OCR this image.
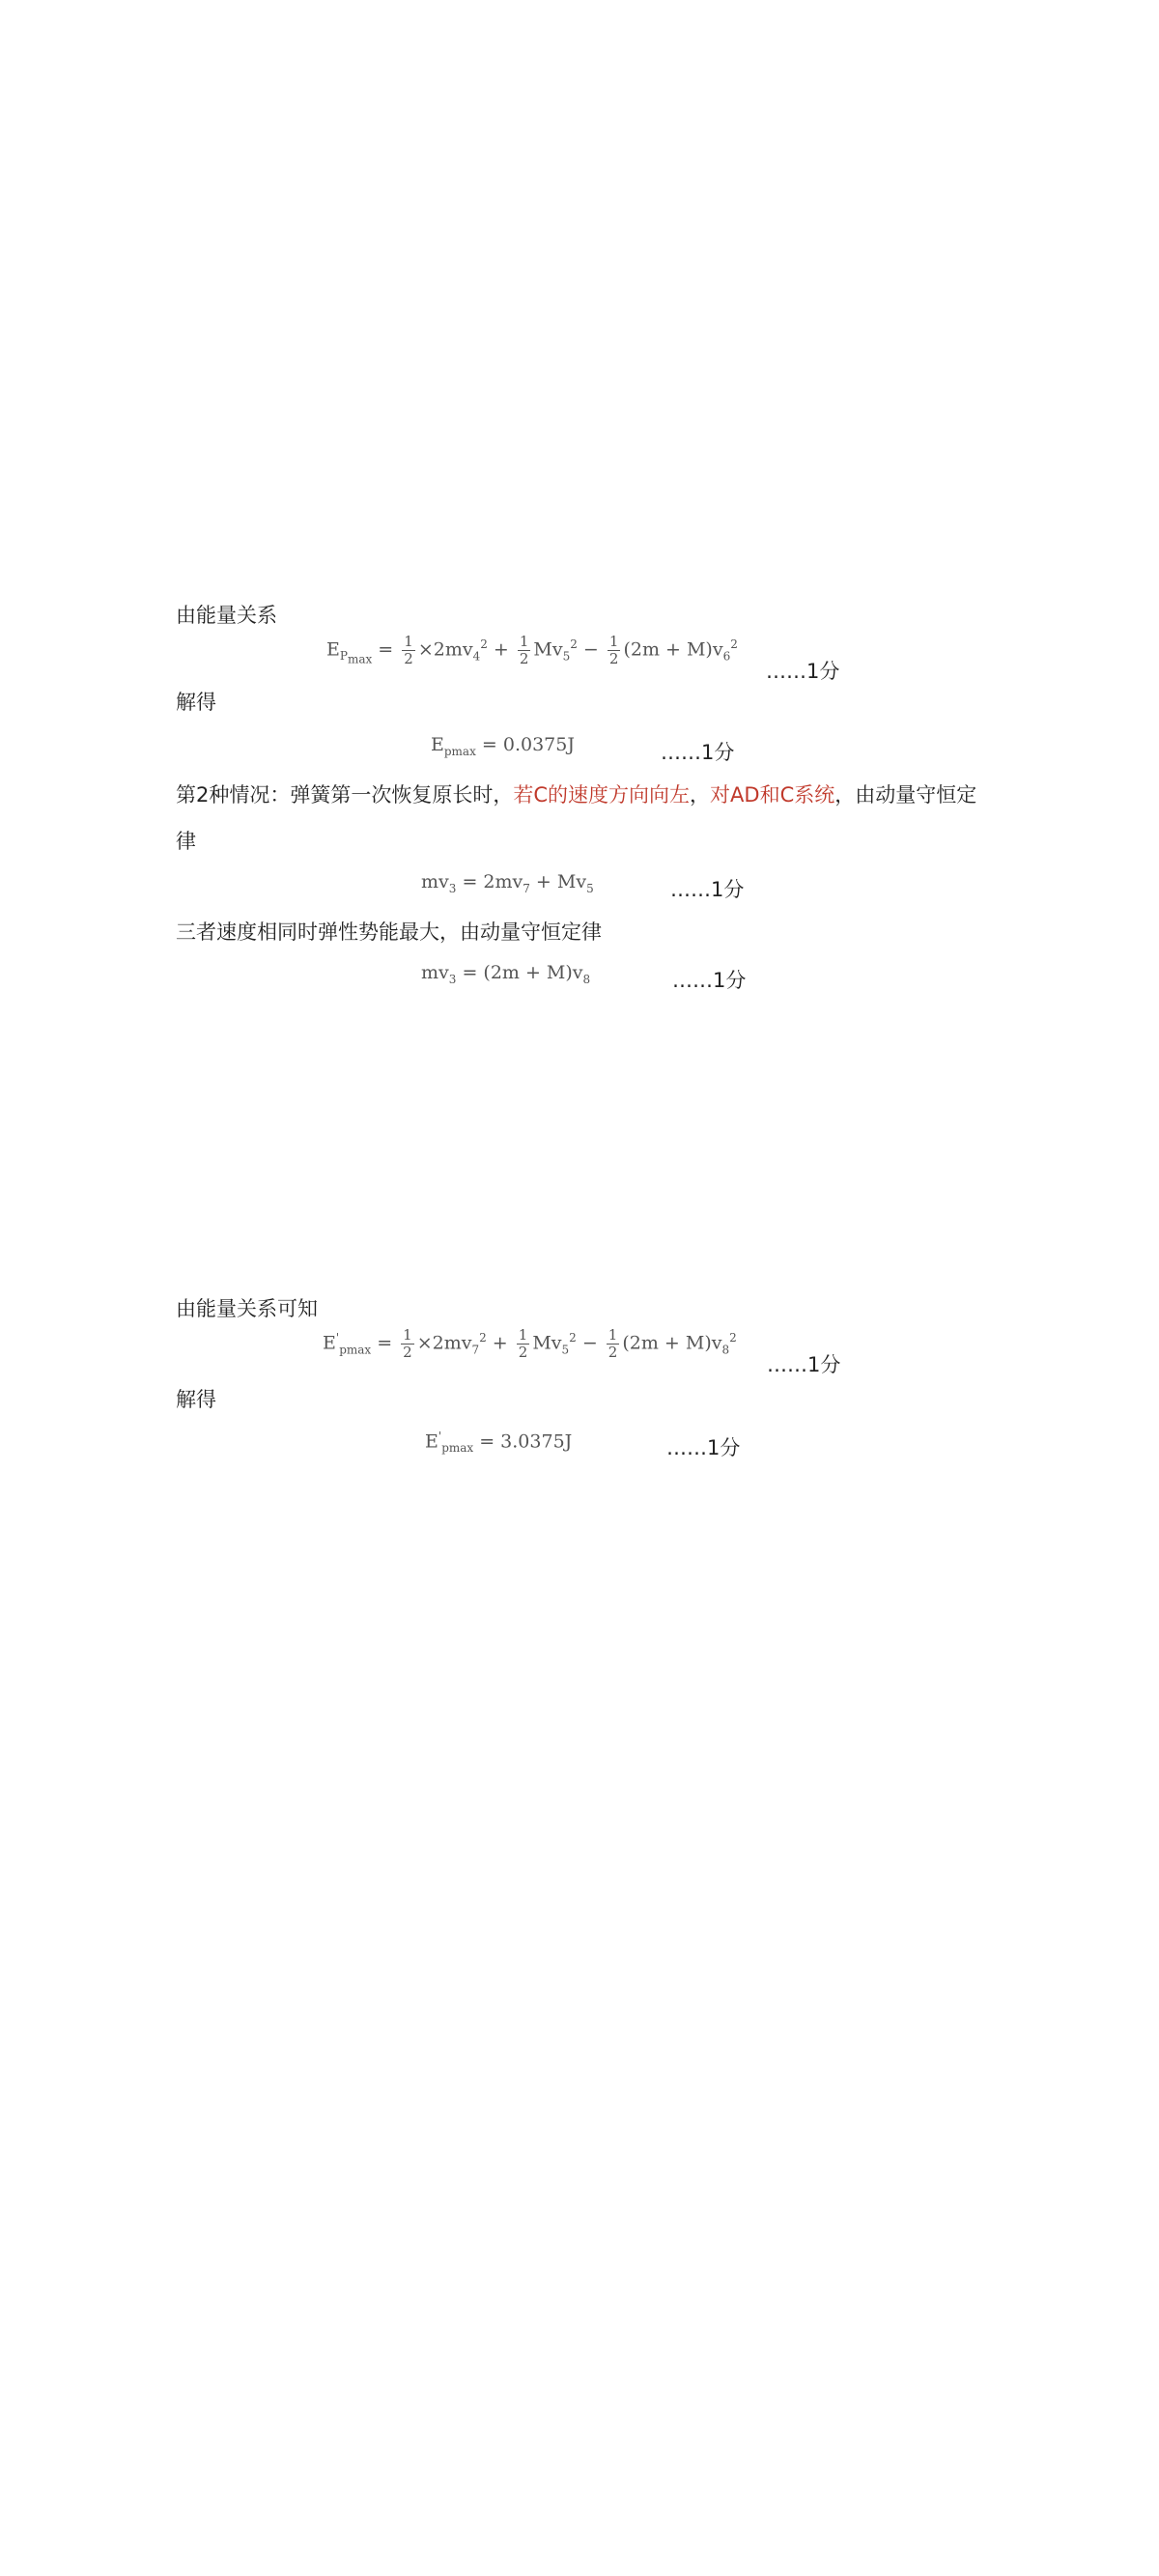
由能量关系
$E_{P_{max}} = \frac{1}{2} \times 2mv_4^2 + \frac{1}{2} Mv_5^2 - \frac{1}{2} (2m + M)v_6^2$
……1分
解得
$E_{pmax} = 0.0375J$	……1分
第2种情况：弹簧第一次恢复原长时，若C的速度方向向左，对AD和C系统，由动量守恒定
律
$mv_3 = 2mv_7 + Mv_5$	……1分
三者速度相同时弹性势能最大，由动量守恒定律
$mv_3 = (2m + M)v_8$	……1分
由能量关系可知
$E'_{pmax} = \frac{1}{2} \times 2mv_7^2 + \frac{1}{2} Mv_5^2 - \frac{1}{2} (2m + M)v_8^2$
……1分
解得
$E'_{pmax} = 3.0375J$	……1分
